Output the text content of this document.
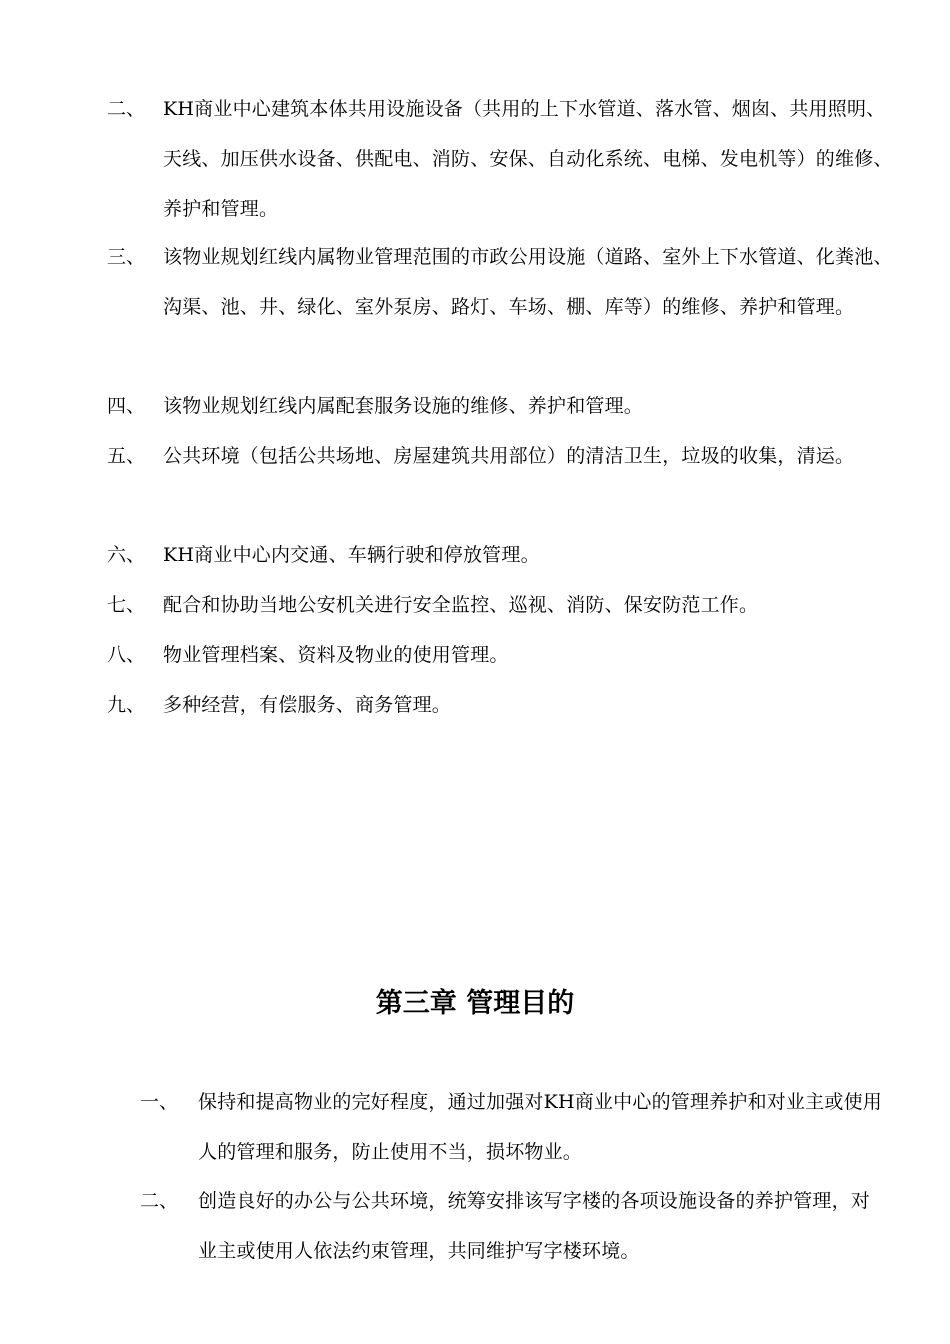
二、 KH商业中心建筑本体共用设施设备（共用的上下水管道、落水管、烟囱、共用照明、天线、加压供水设备、供配电、消防、安保、自动化系统、电梯、发电机等）的维修、养护和管理。
三、 该物业规划红线内属物业管理范围的市政公用设施（道路、室外上下水管道、化粪池、沟渠、池、井、绿化、室外泵房、路灯、车场、棚、库等）的维修、养护和管理。
四、 该物业规划红线内属配套服务设施的维修、养护和管理。
五、 公共环境（包括公共场地、房屋建筑共用部位）的清洁卫生，垃圾的收集，清运。
六、 KH商业中心内交通、车辆行驶和停放管理。
七、 配合和协助当地公安机关进行安全监控、巡视、消防、保安防范工作。
八、 物业管理档案、资料及物业的使用管理。
九、 多种经营，有偿服务、商务管理。
第三章 管理目的
一、 保持和提高物业的完好程度，通过加强对KH商业中心的管理养护和对业主或使用人的管理和服务，防止使用不当，损坏物业。
二、 创造良好的办公与公共环境，统筹安排该写字楼的各项设施设备的养护管理，对业主或使用人依法约束管理，共同维护写字楼环境。
